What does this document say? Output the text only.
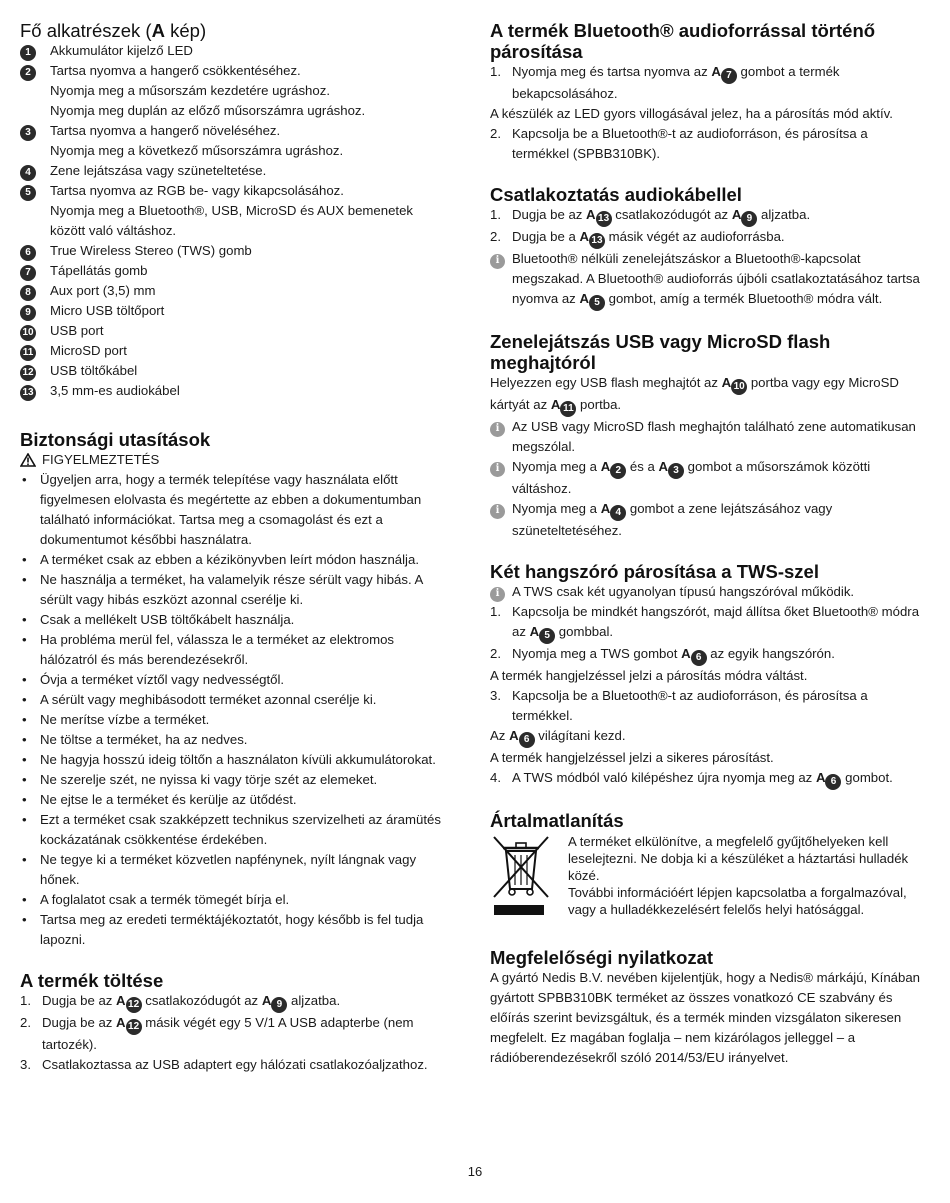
Fő alkatrészek (A kép)
1	Akkumulátor kijelző LED
2	Tartsa nyomva a hangerő csökkentéséhez.
Nyomja meg a műsorszám kezdetére ugráshoz.
Nyomja meg duplán az előző műsorszámra ugráshoz.
3	Tartsa nyomva a hangerő növeléséhez.
Nyomja meg a következő műsorszámra ugráshoz.
4	Zene lejátszása vagy szüneteltetése.
5	Tartsa nyomva az RGB be- vagy kikapcsolásához.
Nyomja meg a Bluetooth®, USB, MicroSD és AUX bemenetek között való váltáshoz.
6	True Wireless Stereo (TWS) gomb
7	Tápellátás gomb
8	Aux port (3,5) mm
9	Micro USB töltőport
10	USB port
11	MicroSD port
12	USB töltőkábel
13	3,5 mm-es audiokábel
Biztonsági utasítások
FIGYELMEZTETÉS
•	Ügyeljen arra, hogy a termék telepítése vagy használata előtt figyelmesen elolvasta és megértette az ebben a dokumentumban található információkat. Tartsa meg a csomagolást és ezt a dokumentumot későbbi használatra.
•	A terméket csak az ebben a kézikönyvben leírt módon használja.
•	Ne használja a terméket, ha valamelyik része sérült vagy hibás. A sérült vagy hibás eszközt azonnal cserélje ki.
•	Csak a mellékelt USB töltőkábelt használja.
•	Ha probléma merül fel, válassza le a terméket az elektromos hálózatról és más berendezésekről.
•	Óvja a terméket víztől vagy nedvességtől.
•	A sérült vagy meghibásodott terméket azonnal cserélje ki.
•	Ne merítse vízbe a terméket.
•	Ne töltse a terméket, ha az nedves.
•	Ne hagyja hosszú ideig töltőn a használaton kívüli akkumulátorokat.
•	Ne szerelje szét, ne nyissa ki vagy törje szét az elemeket.
•	Ne ejtse le a terméket és kerülje az ütődést.
•	Ezt a terméket csak szakképzett technikus szervizelheti az áramütés kockázatának csökkentése érdekében.
•	Ne tegye ki a terméket közvetlen napfénynek, nyílt lángnak vagy hőnek.
•	A foglalatot csak a termék tömegét bírja el.
•	Tartsa meg az eredeti terméktájékoztatót, hogy később is fel tudja lapozni.
A termék töltése
1. Dugja be az A 12 csatlakozódugót az A 9 aljzatba.
2. Dugja be az A 12 másik végét egy 5 V/1 A USB adapterbe (nem tartozék).
3. Csatlakoztassa az USB adaptert egy hálózati csatlakozóaljzathoz.
A termék Bluetooth® audioforrással történő párosítása
1. Nyomja meg és tartsa nyomva az A 7 gombot a termék bekapcsolásához.
A készülék az LED gyors villogásával jelez, ha a párosítás mód aktív.
2. Kapcsolja be a Bluetooth®-t az audioforráson, és párosítsa a termékkel (SPBB310BK).
Csatlakoztatás audiokábellel
1. Dugja be az A 13 csatlakozódugót az A 9 aljzatba.
2. Dugja be a A 13 másik végét az audioforrásba.
i Bluetooth® nélküli zenelejátszáskor a Bluetooth®-kapcsolat megszakad. A Bluetooth® audioforrás újbóli csatlakoztatásához tartsa nyomva az A 5 gombot, amíg a termék Bluetooth® módra vált.
Zenelejátszás USB vagy MicroSD flash meghajtóról
Helyezzen egy USB flash meghajtót az A 10 portba vagy egy MicroSD kártyát az A 11 portba.
i Az USB vagy MicroSD flash meghajtón található zene automatikusan megszólal.
i Nyomja meg a A 2 és a A 3 gombot a műsorszámok közötti váltáshoz.
i Nyomja meg a A 4 gombot a zene lejátszásához vagy szüneteltetéséhez.
Két hangszóró párosítása a TWS-szel
i A TWS csak két ugyanolyan típusú hangszóróval működik.
1. Kapcsolja be mindkét hangszórót, majd állítsa őket Bluetooth® módra az A 5 gombbal.
2. Nyomja meg a TWS gombot A 6 az egyik hangszórón.
A termék hangjelzéssel jelzi a párosítás módra váltást.
3. Kapcsolja be a Bluetooth®-t az audioforráson, és párosítsa a termékkel.
Az A 6 világítani kezd.
A termék hangjelzéssel jelzi a sikeres párosítást.
4. A TWS módból való kilépéshez újra nyomja meg az A 6 gombot.
Ártalmatlanítás
A terméket elkülönítve, a megfelelő gyűjtőhelyeken kell leselejtezni. Ne dobja ki a készüléket a háztartási hulladék közé.
További információért lépjen kapcsolatba a forgalmazóval, vagy a hulladékkezelésért felelős helyi hatósággal.
Megfelelőségi nyilatkozat
A gyártó Nedis B.V. nevében kijelentjük, hogy a Nedis® márkájú, Kínában gyártott SPBB310BK terméket az összes vonatkozó CE szabvány és előírás szerint bevizsgáltuk, és a termék minden vizsgálaton sikeresen megfelelt. Ez magában foglalja – nem kizárólagos jelleggel – a rádióberendezésekről szóló 2014/53/EU irányelvet.
16
